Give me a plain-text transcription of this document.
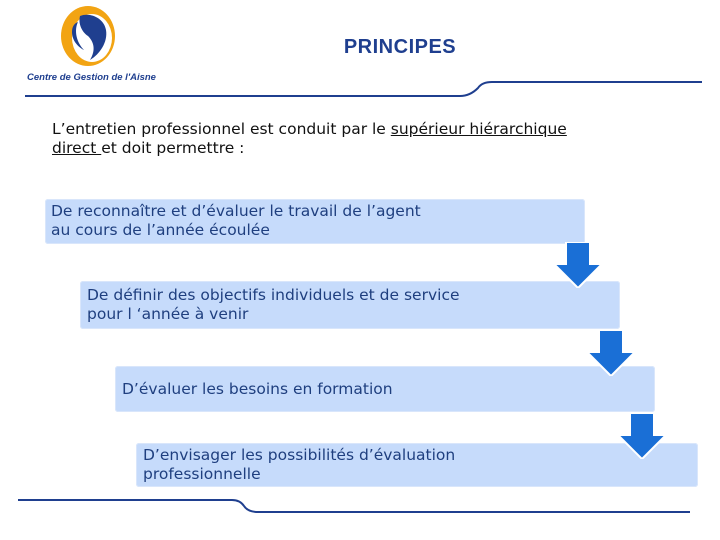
Centre de Gestion de l'Aisne
PRINCIPES
L’entretien professionnel est conduit par le supérieur hiérarchique
direct et doit permettre :
De reconnaître et d’évaluer le travail de l’agent
au cours de l’année écoulée
De définir des objectifs individuels et de service
pour l ‘année à venir
D’évaluer les besoins en formation
D’envisager les possibilités d’évaluation
professionnelle
